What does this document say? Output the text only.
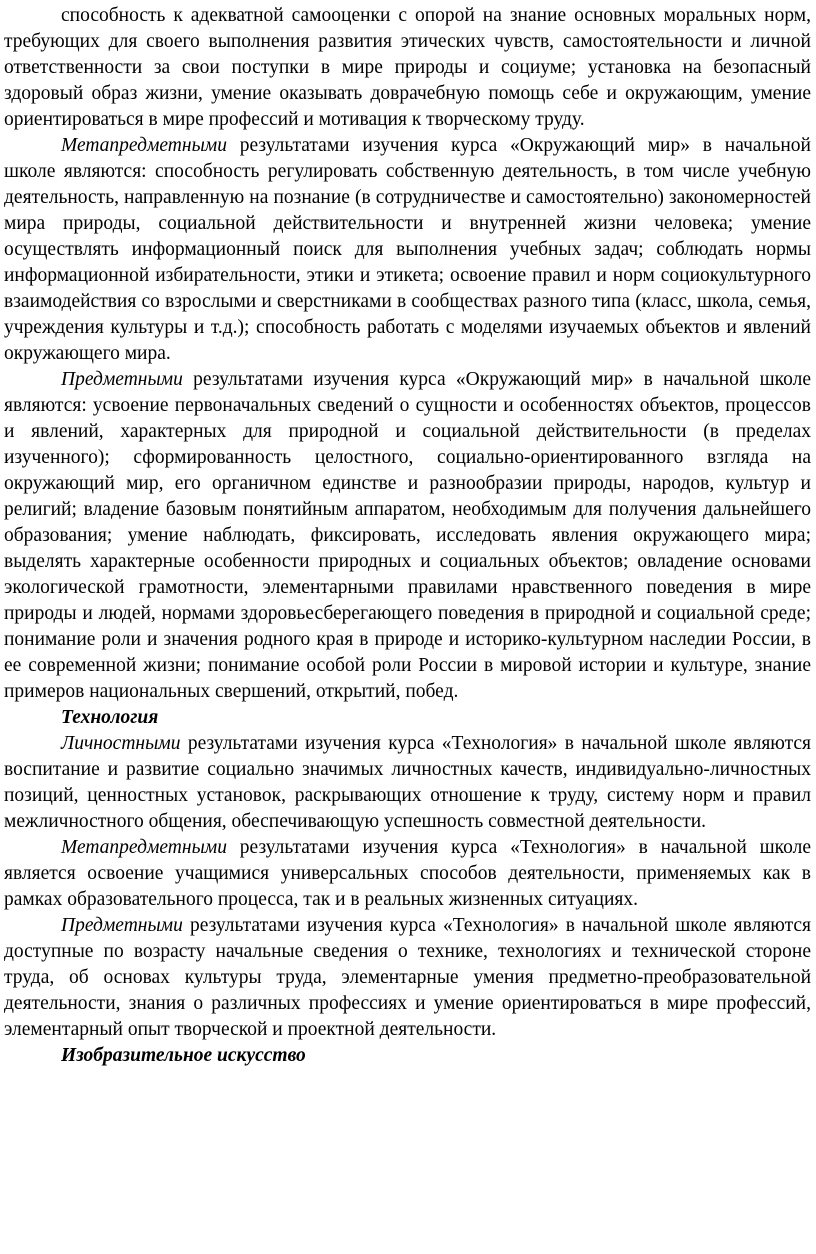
способность к адекватной самооценки с опорой на знание основных моральных норм, требующих для своего выполнения развития этических чувств, самостоятельности и личной ответственности за свои поступки в мире природы и социуме; установка на безопасный здоровый образ жизни, умение оказывать доврачебную помощь себе и окружающим, умение ориентироваться в мире профессий и мотивация к творческому труду.

Метапредметными результатами изучения курса «Окружающий мир» в начальной школе являются: способность регулировать собственную деятельность, в том числе учебную деятельность, направленную на познание (в сотрудничестве и самостоятельно) закономерностей мира природы, социальной действительности и внутренней жизни человека; умение осуществлять информационный поиск для выполнения учебных задач; соблюдать нормы информационной избирательности, этики и этикета; освоение правил и норм социокультурного взаимодействия со взрослыми и сверстниками в сообществах разного типа (класс, школа, семья, учреждения культуры и т.д.); способность работать с моделями изучаемых объектов и явлений окружающего мира.

Предметными результатами изучения курса «Окружающий мир» в начальной школе являются: усвоение первоначальных сведений о сущности и особенностях объектов, процессов и явлений, характерных для природной и социальной действительности (в пределах изученного); сформированность целостного, социально-ориентированного взгляда на окружающий мир, его органичном единстве и разнообразии природы, народов, культур и религий; владение базовым понятийным аппаратом, необходимым для получения дальнейшего образования; умение наблюдать, фиксировать, исследовать явления окружающего мира; выделять характерные особенности природных и социальных объектов; овладение основами экологической грамотности, элементарными правилами нравственного поведения в мире природы и людей, нормами здоровьесберегающего поведения в природной и социальной среде; понимание роли и значения родного края в природе и историко-культурном наследии России, в ее современной жизни; понимание особой роли России в мировой истории и культуре, знание примеров национальных свершений, открытий, побед.

Технология

Личностными результатами изучения курса «Технология» в начальной школе являются воспитание и развитие социально значимых личностных качеств, индивидуально-личностных позиций, ценностных установок, раскрывающих отношение к труду, систему норм и правил межличностного общения, обеспечивающую успешность совместной деятельности.

Метапредметными результатами изучения курса «Технология» в начальной школе является освоение учащимися универсальных способов деятельности, применяемых как в рамках образовательного процесса, так и в реальных жизненных ситуациях.

Предметными результатами изучения курса «Технология» в начальной школе являются доступные по возрасту начальные сведения о технике, технологиях и технической стороне труда, об основах культуры труда, элементарные умения предметно-преобразовательной деятельности, знания о различных профессиях и умение ориентироваться в мире профессий, элементарный опыт творческой и проектной деятельности.

Изобразительное искусство
